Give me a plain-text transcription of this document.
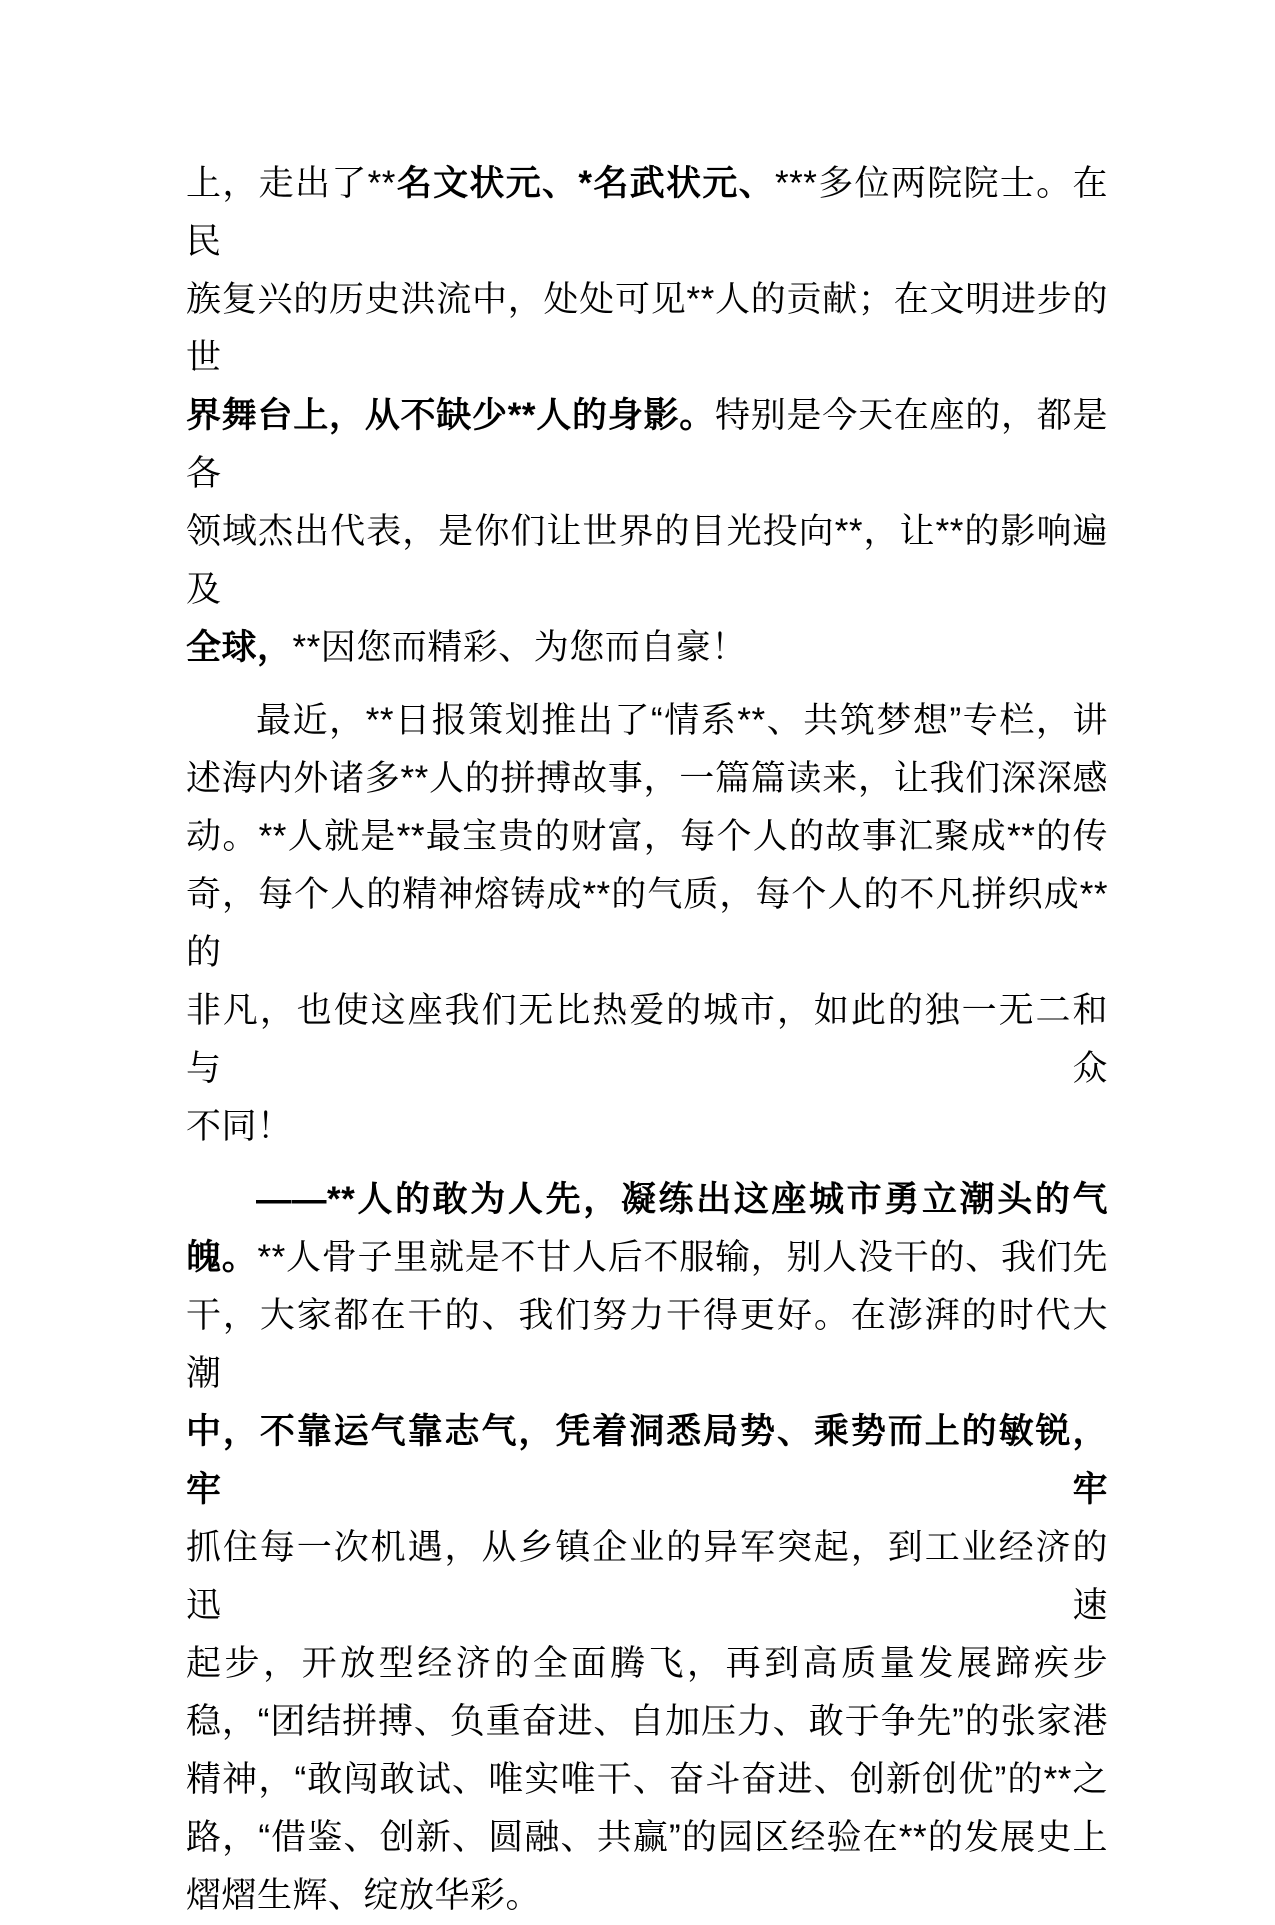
上，走出了**名文状元、*名武状元、***多位两院院士。在民
族复兴的历史洪流中，处处可见**人的贡献；在文明进步的世
界舞台上，从不缺少**人的身影。特别是今天在座的，都是各
领域杰出代表，是你们让世界的目光投向**，让**的影响遍及
全球，**因您而精彩、为您而自豪！
最近，**日报策划推出了“情系**、共筑梦想”专栏，讲
述海内外诸多**人的拼搏故事，一篇篇读来，让我们深深感
动。**人就是**最宝贵的财富，每个人的故事汇聚成**的传
奇，每个人的精神熔铸成**的气质，每个人的不凡拼织成**的
非凡，也使这座我们无比热爱的城市，如此的独一无二和与众
不同！
——**人的敢为人先，凝练出这座城市勇立潮头的气
魄。**人骨子里就是不甘人后不服输，别人没干的、我们先
干，大家都在干的、我们努力干得更好。在澎湃的时代大潮
中，不靠运气靠志气，凭着洞悉局势、乘势而上的敏锐，牢牢
抓住每一次机遇，从乡镇企业的异军突起，到工业经济的迅速
起步，开放型经济的全面腾飞，再到高质量发展蹄疾步
稳，“团结拼搏、负重奋进、自加压力、敢于争先”的张家港
精神，“敢闯敢试、唯实唯干、奋斗奋进、创新创优”的**之
路，“借鉴、创新、圆融、共赢”的园区经验在**的发展史上
熠熠生辉、绽放华彩。
